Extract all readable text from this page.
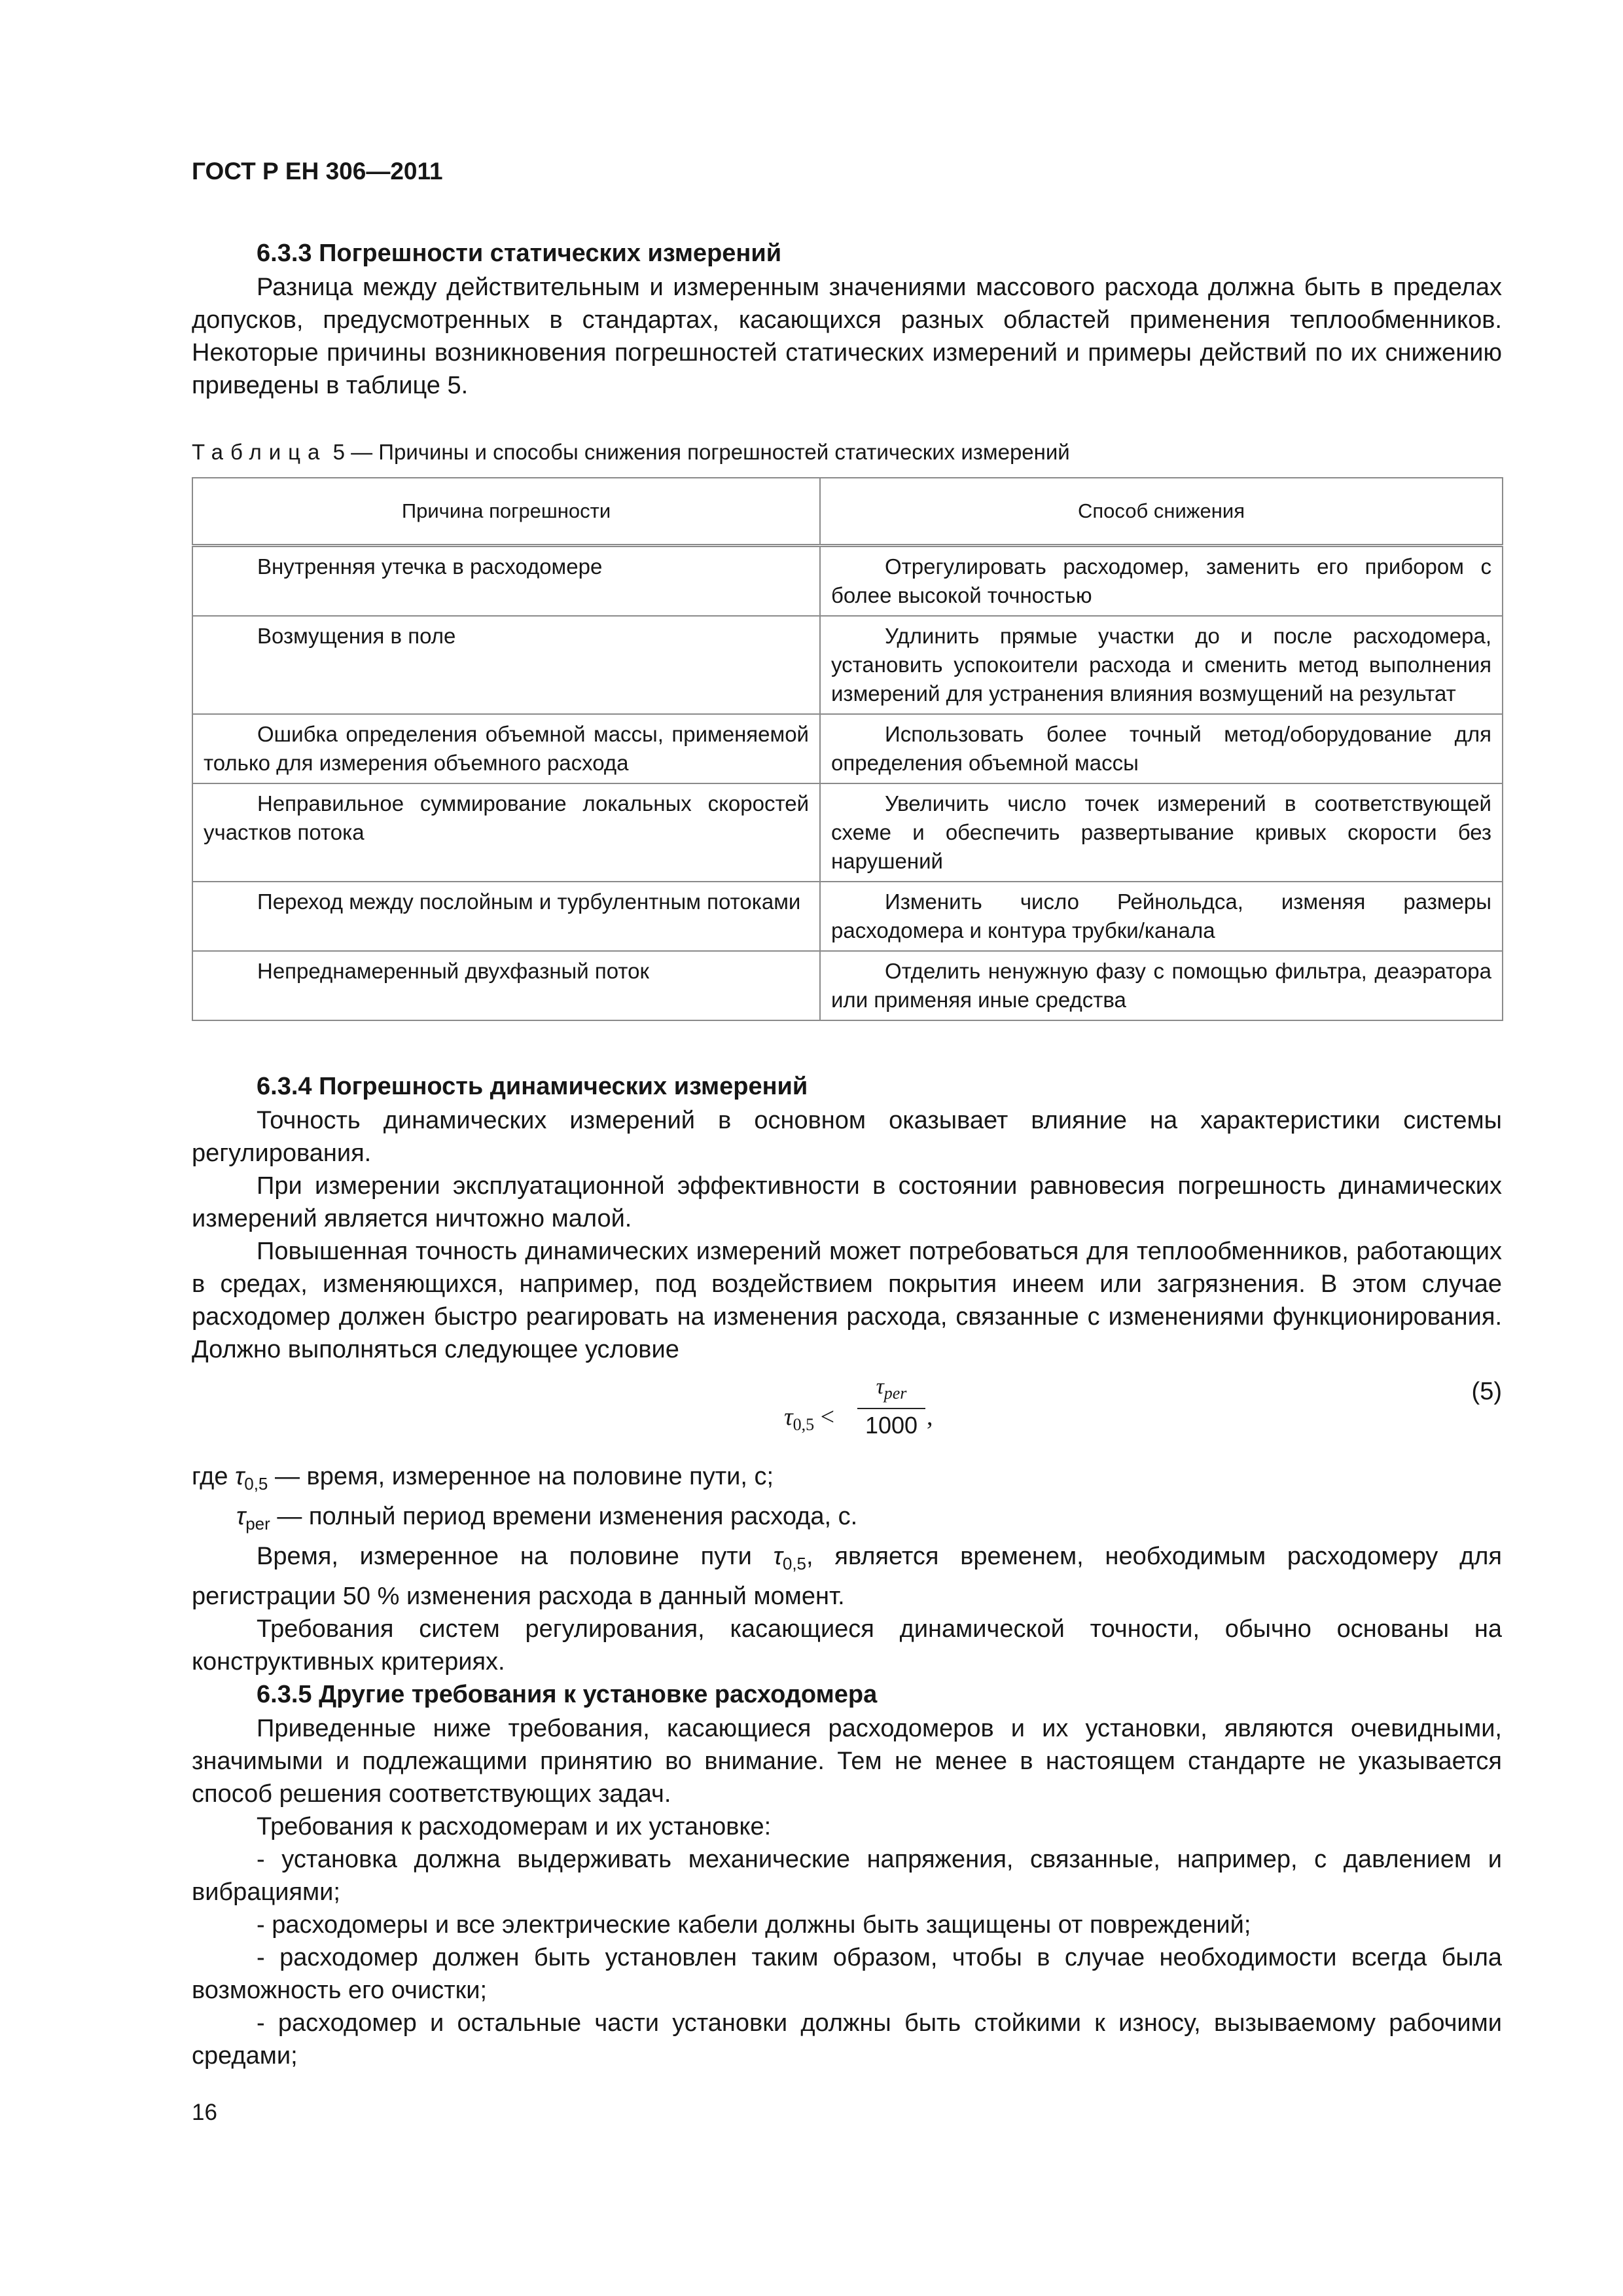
ГОСТ Р ЕН 306—2011
6.3.3 Погрешности статических измерений

Разница между действительным и измеренным значениями массового расхода должна быть в пределах допусков, предусмотренных в стандартах, касающихся разных областей применения теплообменников. Некоторые причины возникновения погрешностей статических измерений и примеры действий по их снижению приведены в таблице 5.

Таблица 5 — Причины и способы снижения погрешностей статических измерений

Причина погрешности	Способ снижения

Внутренняя утечка в расходомере	Отрегулировать расходомер, заменить его прибором с более высокой точностью

Возмущения в поле	Удлинить прямые участки до и после расходомера, установить успокоители расхода и сменить метод выполнения измерений для устранения влияния возмущений на результат

Ошибка определения объемной массы, применяемой только для измерения объемного расхода	Использовать более точный метод/оборудование для определения объемной массы

Неправильное суммирование локальных скоростей участков потока	Увеличить число точек измерений в соответствующей схеме и обеспечить развертывание кривых скорости без нарушений

Переход между послойным и турбулентным потоками	Изменить число Рейнольдса, изменяя размеры расходомера и контура трубки/канала

Непреднамеренный двухфазный поток	Отделить ненужную фазу с помощью фильтра, деаэратора или применяя иные средства
6.3.4 Погрешность динамических измерений

Точность динамических измерений в основном оказывает влияние на характеристики системы регулирования.

При измерении эксплуатационной эффективности в состоянии равновесия погрешность динамических измерений является ничтожно малой.

Повышенная точность динамических измерений может потребоваться для теплообменников, работающих в средах, изменяющихся, например, под воздействием покрытия инеем или загрязнения. В этом случае расходомер должен быстро реагировать на изменения расхода, связанные с изменениями функционирования. Должно выполняться следующее условие

$\tau_{0,5}$ <
$\tau_{per}$
1000 ,
(5)

где $\tau_{0,5}$ — время, измеренное на половине пути, с;

$\tau_{per}$ — полный период времени изменения расхода, с.

Время, измеренное на половине пути $\tau_{0,5}$, является временем, необходимым расходомеру для регистрации 50 % изменения расхода в данный момент.

Требования систем регулирования, касающиеся динамической точности, обычно основаны на конструктивных критериях.

6.3.5 Другие требования к установке расходомера

Приведенные ниже требования, касающиеся расходомеров и их установки, являются очевидными, значимыми и подлежащими принятию во внимание. Тем не менее в настоящем стандарте не указывается способ решения соответствующих задач.

Требования к расходомерам и их установке:

- установка должна выдерживать механические напряжения, связанные, например, с давлением и вибрациями;

- расходомеры и все электрические кабели должны быть защищены от повреждений;

- расходомер должен быть установлен таким образом, чтобы в случае необходимости всегда была возможность его очистки;

- расходомер и остальные части установки должны быть стойкими к износу, вызываемому рабочими средами;

16
